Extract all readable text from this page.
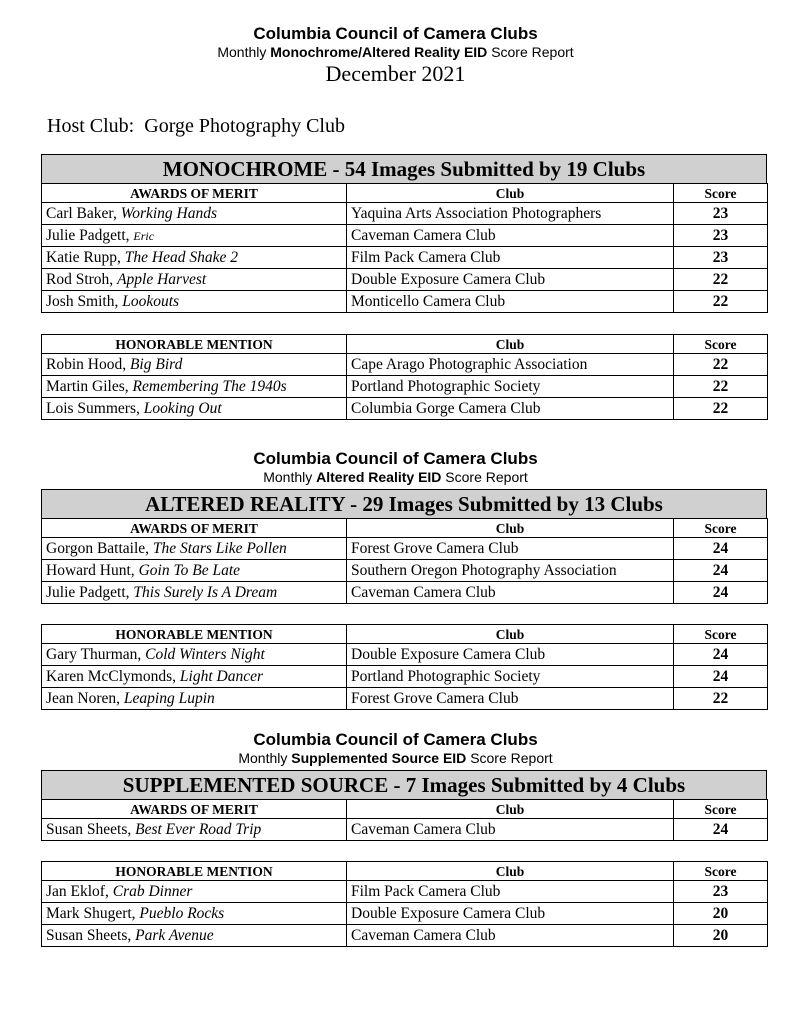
Columbia Council of Camera Clubs
Monthly Monochrome/Altered Reality EID Score Report
December 2021
Host Club: Gorge Photography Club
MONOCHROME - 54 Images Submitted by 19 Clubs
AWARDS OF MERIT	Club	Score
Carl Baker, Working Hands	Yaquina Arts Association Photographers	23
Julie Padgett, Eric	Caveman Camera Club	23
Katie Rupp, The Head Shake 2	Film Pack Camera Club	23
Rod Stroh, Apple Harvest	Double Exposure Camera Club	22
Josh Smith, Lookouts	Monticello Camera Club	22
HONORABLE MENTION	Club	Score
Robin Hood, Big Bird	Cape Arago Photographic Association	22
Martin Giles, Remembering The 1940s	Portland Photographic Society	22
Lois Summers, Looking Out	Columbia Gorge Camera Club	22
Columbia Council of Camera Clubs
Monthly Altered Reality EID Score Report
ALTERED REALITY - 29 Images Submitted by 13 Clubs
AWARDS OF MERIT	Club	Score
Gorgon Battaile, The Stars Like Pollen	Forest Grove Camera Club	24
Howard Hunt, Goin To Be Late	Southern Oregon Photography Association	24
Julie Padgett, This Surely Is A Dream	Caveman Camera Club	24
HONORABLE MENTION	Club	Score
Gary Thurman, Cold Winters Night	Double Exposure Camera Club	24
Karen McClymonds, Light Dancer	Portland Photographic Society	24
Jean Noren, Leaping Lupin	Forest Grove Camera Club	22
Columbia Council of Camera Clubs
Monthly Supplemented Source EID Score Report
SUPPLEMENTED SOURCE - 7 Images Submitted by 4 Clubs
AWARDS OF MERIT	Club	Score
Susan Sheets, Best Ever Road Trip	Caveman Camera Club	24
HONORABLE MENTION	Club	Score
Jan Eklof, Crab Dinner	Film Pack Camera Club	23
Mark Shugert, Pueblo Rocks	Double Exposure Camera Club	20
Susan Sheets, Park Avenue	Caveman Camera Club	20
